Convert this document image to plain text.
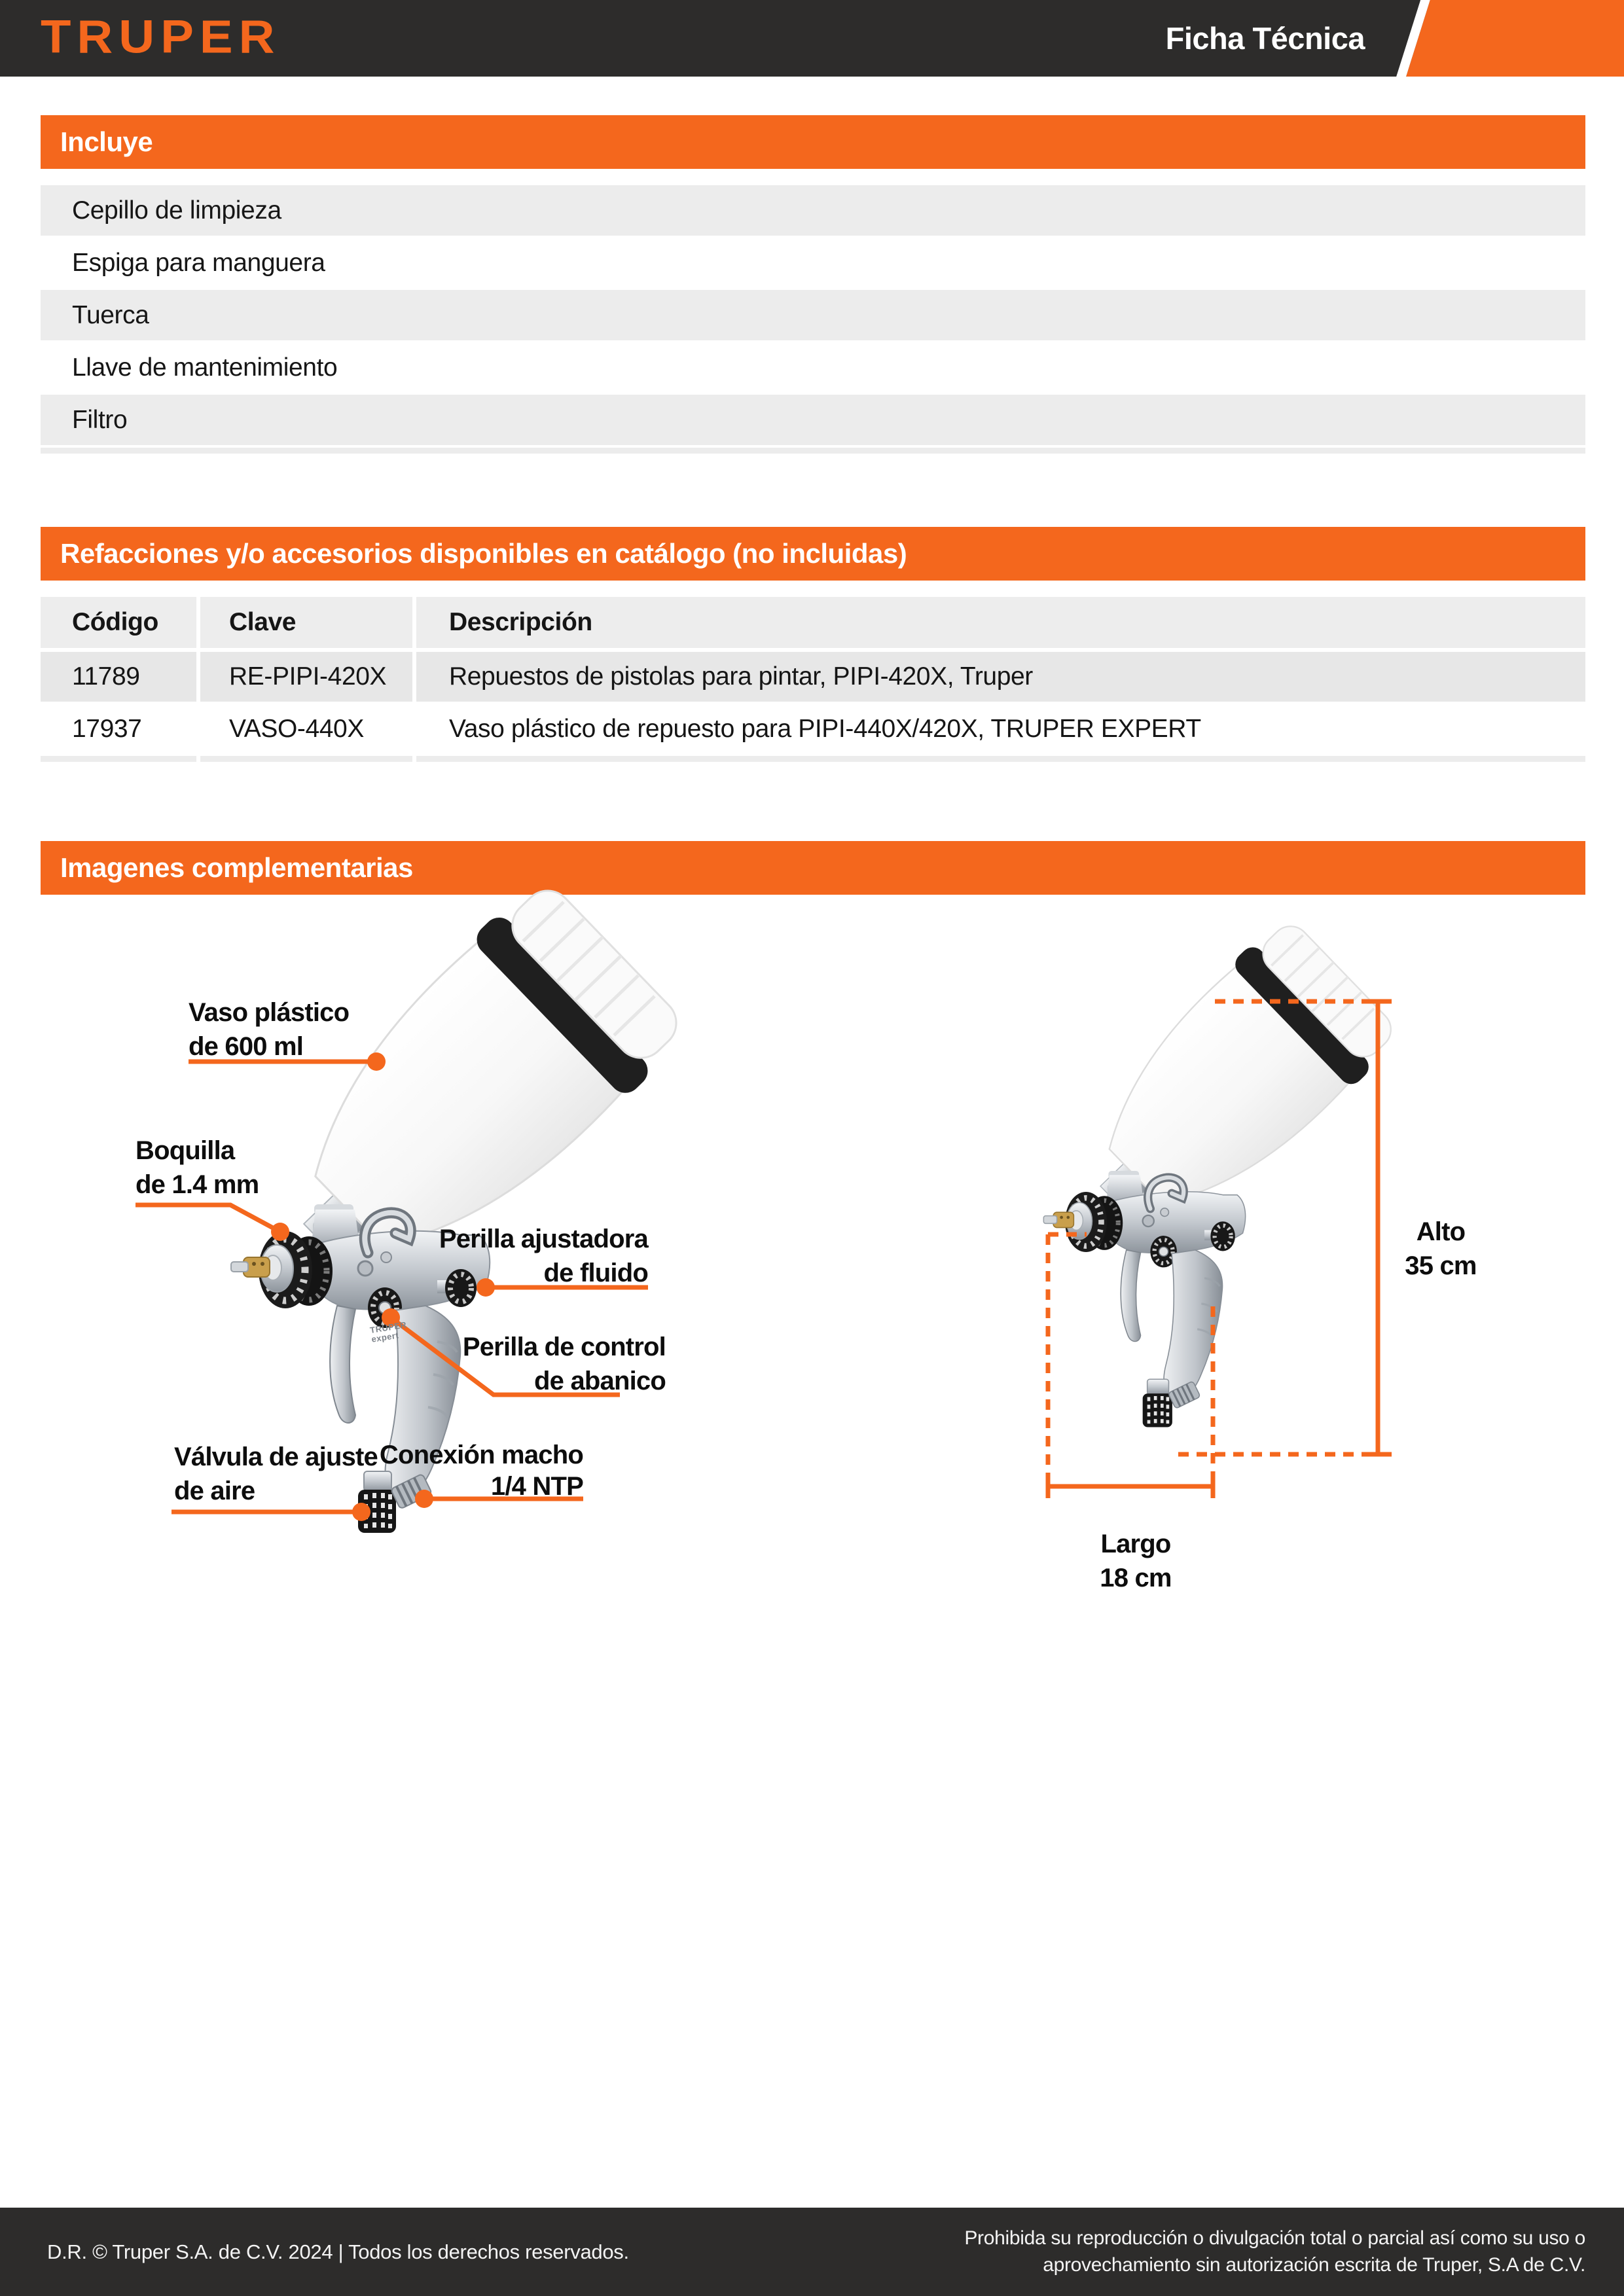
TRUPER	Ficha Técnica
Incluye
Cepillo de limpieza
Espiga para manguera
Tuerca
Llave de mantenimiento
Filtro
Refacciones y/o accesorios disponibles en catálogo (no incluidas)
Código	Clave	Descripción
11789	RE-PIPI-420X	Repuestos de pistolas para pintar, PIPI-420X, Truper
17937	VASO-440X	Vaso plástico de repuesto para PIPI-440X/420X, TRUPER EXPERT
Imagenes complementarias
Vaso plástico
de 600 ml
Boquilla
de 1.4 mm
Perilla ajustadora
de fluido
Perilla de control
de abanico
Válvula de ajuste
de aire
Conexión macho
1/4 NTP
Alto
35 cm
Largo
18 cm
TRUPER expert
D.R. © Truper S.A. de C.V. 2024 | Todos los derechos reservados.
Prohibida su reproducción o divulgación total o parcial así como su uso o
aprovechamiento sin autorización escrita de Truper, S.A de C.V.
